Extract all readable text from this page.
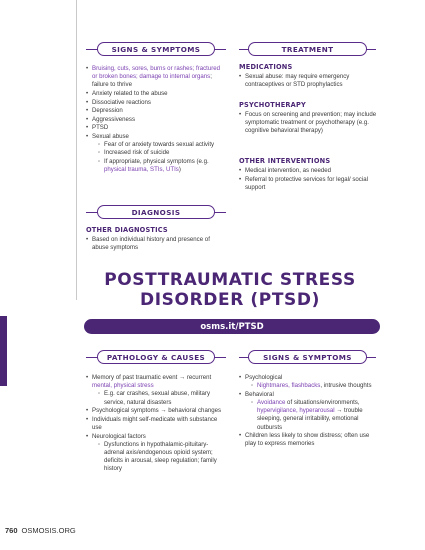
SIGNS & SYMPTOMS
• Bruising, cuts, sores, burns or rashes; fractured or broken bones; damage to internal organs; failure to thrive
• Anxiety related to the abuse
• Dissociative reactions
• Depression
• Aggressiveness
• PTSD
• Sexual abuse
◦ Fear of or anxiety towards sexual activity
◦ Increased risk of suicide
◦ If appropriate, physical symptoms (e.g. physical trauma, STIs, UTIs)
DIAGNOSIS
OTHER DIAGNOSTICS
• Based on individual history and presence of abuse symptoms
TREATMENT
MEDICATIONS
• Sexual abuse: may require emergency contraceptives or STD prophylactics
PSYCHOTHERAPY
• Focus on screening and prevention; may include symptomatic treatment or psychotherapy (e.g. cognitive behavioral therapy)
OTHER INTERVENTIONS
• Medical intervention, as needed
• Referral to protective services for legal/ social support
POSTTRAUMATIC STRESS
DISORDER (PTSD)
osms.it/PTSD
PATHOLOGY & CAUSES
• Memory of past traumatic event → recurrent mental, physical stress
◦ E.g. car crashes, sexual abuse, military service, natural disasters
• Psychological symptoms → behavioral changes
• Individuals might self-medicate with substance use
• Neurological factors
◦ Dysfunctions in hypothalamic-pituitary-adrenal axis/endogenous opioid system; deficits in arousal, sleep regulation; family history
SIGNS & SYMPTOMS
• Psychological
◦ Nightmares, flashbacks, intrusive thoughts
• Behavioral
◦ Avoidance of situations/environments, hypervigilance, hyperarousal → trouble sleeping, general irritability, emotional outbursts
• Children less likely to show distress; often use play to express memories
760 OSMOSIS.ORG
